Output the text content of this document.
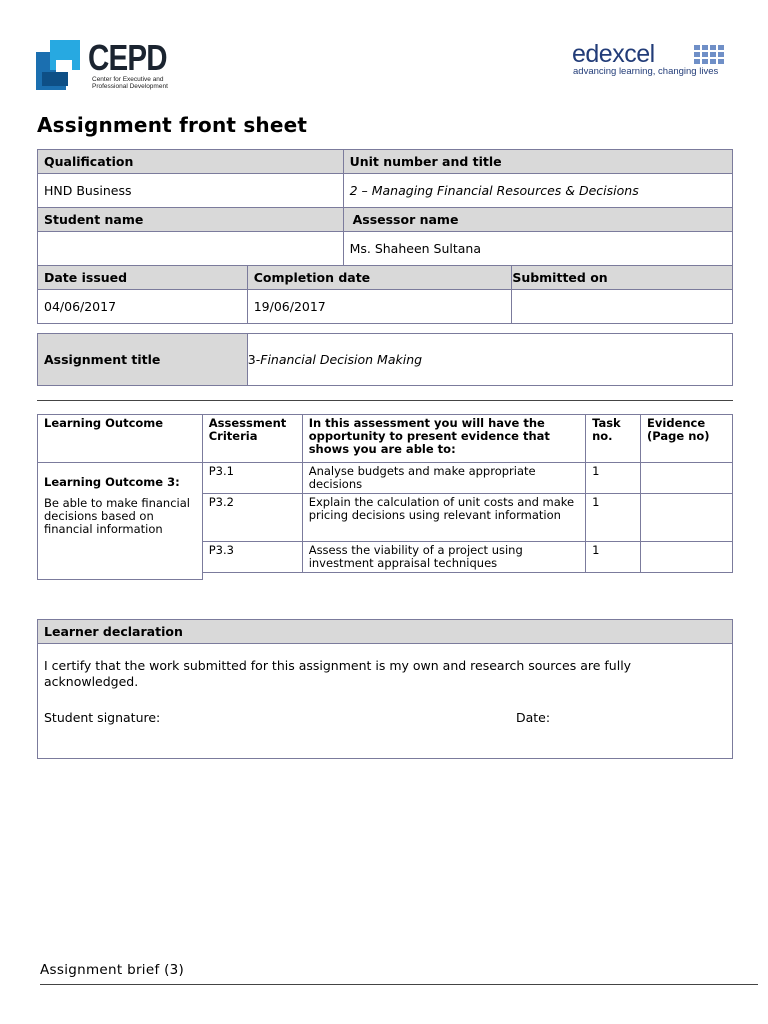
CEPD
Center for Executive and
Professional Development
edexcel
advancing learning, changing lives
Assignment front sheet
Qualification		Unit number and title	
HND Business		2 – Managing Financial Resources & Decisions	
Student name		Assessor name	
		Ms. Shaheen Sultana	
Date issued	Completion date		Submitted on
04/06/2017	19/06/2017		
Assignment title	3-Financial Decision Making
Learning Outcome	Assessment Criteria	In this assessment you will have the opportunity to present evidence that shows you are able to:	Task no.	Evidence (Page no)

Learning Outcome 3:
Be able to make financial decisions based on financial information	P3.1	Analyse budgets and make appropriate decisions	1	
	P3.2	Explain the calculation of unit costs and make pricing decisions using relevant information	1	
	P3.3	Assess the viability of a project using investment appraisal techniques	1	
Learner declaration

I certify that the work submitted for this assignment is my own and research sources are fully acknowledged.
Student signature:	Date:
Assignment brief (3)
